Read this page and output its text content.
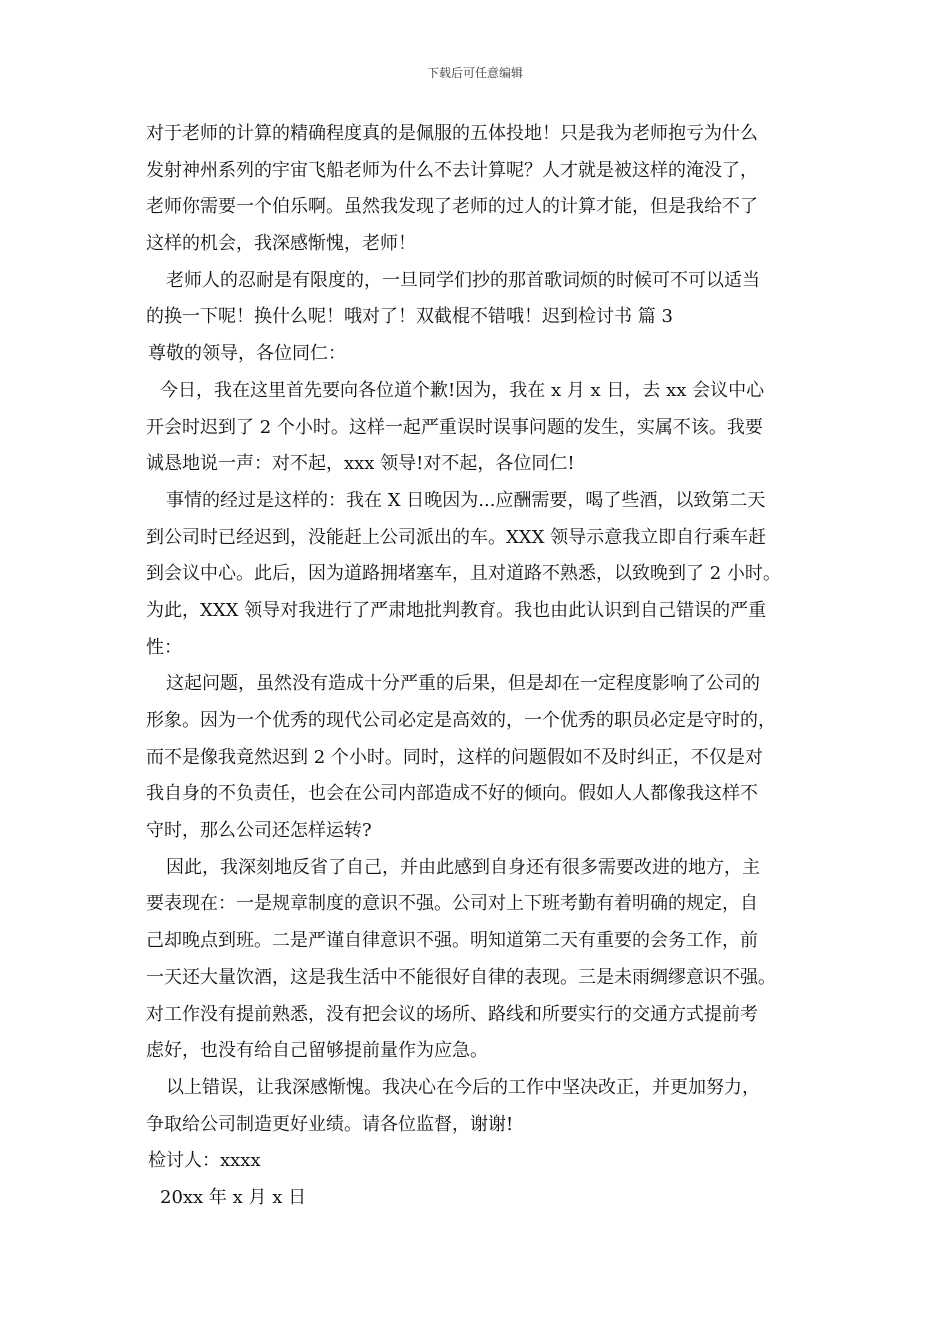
下载后可任意编辑
对于老师的计算的精确程度真的是佩服的五体投地！只是我为老师抱亏为什么
发射神州系列的宇宙飞船老师为什么不去计算呢？人才就是被这样的淹没了，
老师你需要一个伯乐啊。虽然我发现了老师的过人的计算才能，但是我给不了
这样的机会，我深感惭愧，老师！
老师人的忍耐是有限度的，一旦同学们抄的那首歌词烦的时候可不可以适当
的换一下呢！换什么呢！哦对了！双截棍不错哦！迟到检讨书 篇 3
尊敬的领导，各位同仁：
今日，我在这里首先要向各位道个歉!因为，我在 x 月 x 日，去 xx 会议中心
开会时迟到了 2 个小时。这样一起严重误时误事问题的发生，实属不该。我要
诚恳地说一声：对不起，xxx 领导!对不起，各位同仁!
事情的经过是这样的：我在 X 日晚因为...应酬需要，喝了些酒，以致第二天
到公司时已经迟到，没能赶上公司派出的车。XXX 领导示意我立即自行乘车赶
到会议中心。此后，因为道路拥堵塞车，且对道路不熟悉，以致晚到了 2 小时。
为此，XXX 领导对我进行了严肃地批判教育。我也由此认识到自己错误的严重
性：
这起问题，虽然没有造成十分严重的后果，但是却在一定程度影响了公司的
形象。因为一个优秀的现代公司必定是高效的，一个优秀的职员必定是守时的，
而不是像我竟然迟到 2 个小时。同时，这样的问题假如不及时纠正，不仅是对
我自身的不负责任，也会在公司内部造成不好的倾向。假如人人都像我这样不
守时，那么公司还怎样运转?
因此，我深刻地反省了自己，并由此感到自身还有很多需要改进的地方，主
要表现在：一是规章制度的意识不强。公司对上下班考勤有着明确的规定，自
己却晚点到班。二是严谨自律意识不强。明知道第二天有重要的会务工作，前
一天还大量饮酒，这是我生活中不能很好自律的表现。三是未雨绸缪意识不强。
对工作没有提前熟悉，没有把会议的场所、路线和所要实行的交通方式提前考
虑好，也没有给自己留够提前量作为应急。
以上错误，让我深感惭愧。我决心在今后的工作中坚决改正，并更加努力，
争取给公司制造更好业绩。请各位监督，谢谢!
检讨人：xxxx
20xx 年 x 月 x 日
